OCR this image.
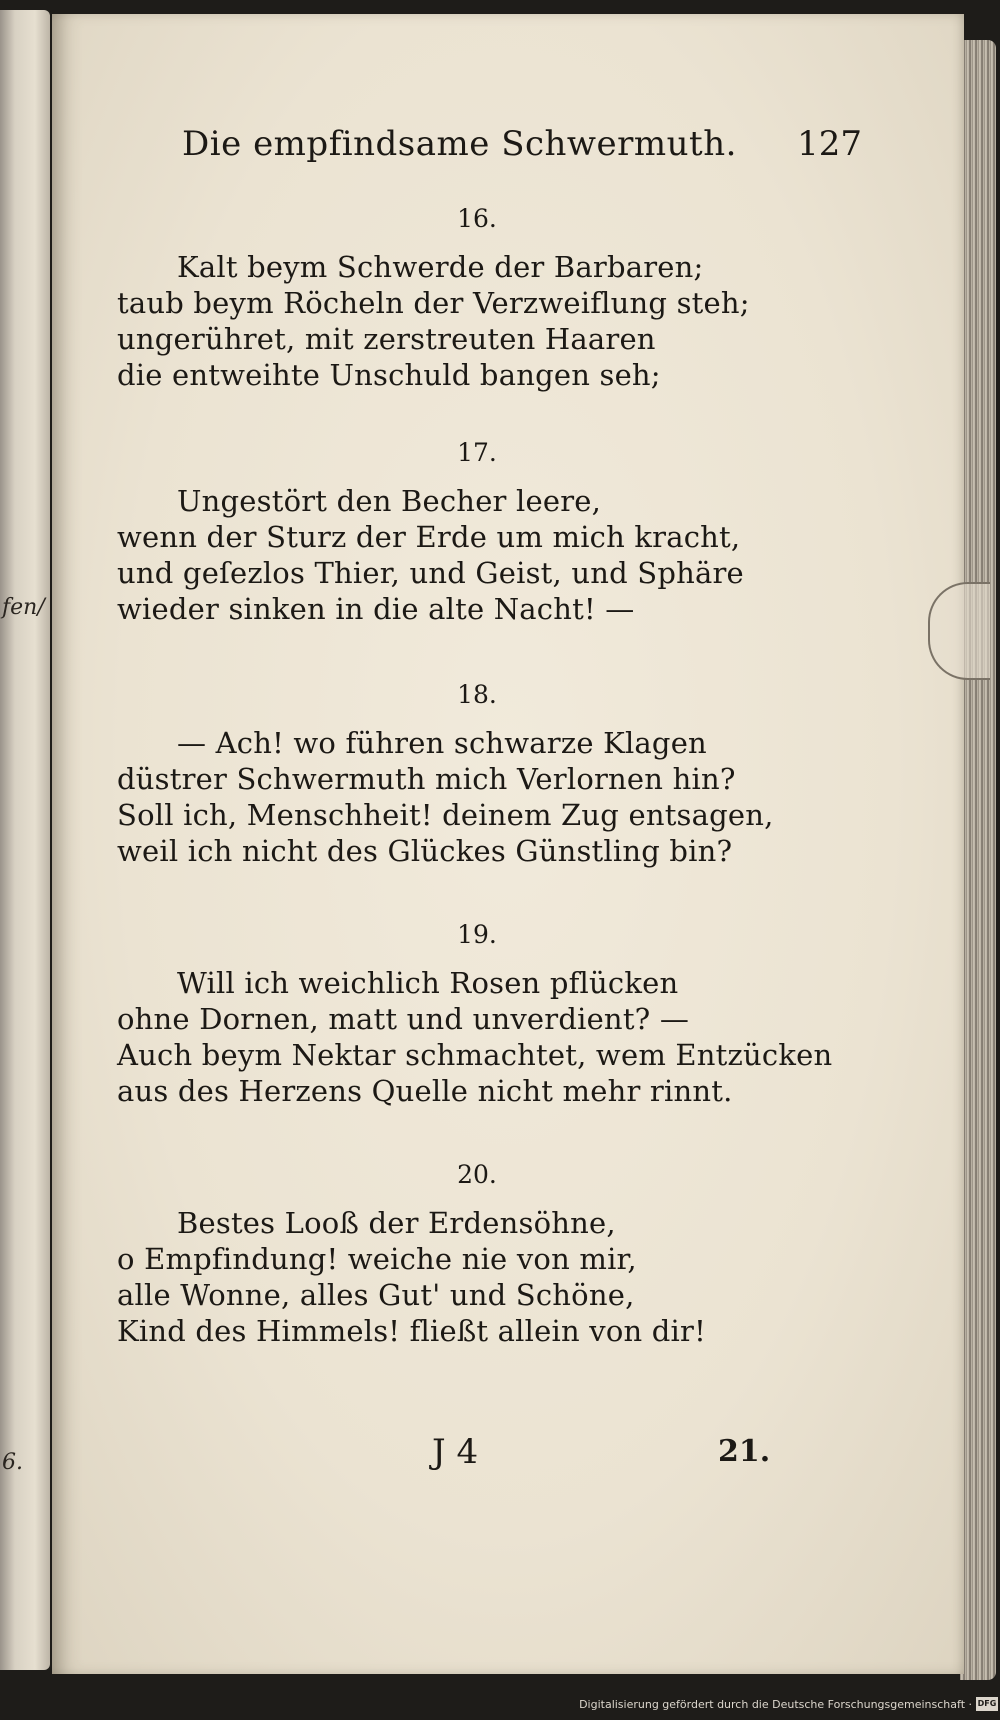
fen/
6.
Die empfindsame Schwermuth. 127
16.
Kalt beym Schwerde der Barbaren;
taub beym Röcheln der Verzweiflung steh;
ungerühret, mit zerstreuten Haaren
die entweihte Unschuld bangen seh;
17.
Ungestört den Becher leere,
wenn der Sturz der Erde um mich kracht,
und geſezlos Thier, und Geist, und Sphäre
wieder sinken in die alte Nacht! —
18.
— Ach! wo führen schwarze Klagen
düstrer Schwermuth mich Verlornen hin?
Soll ich, Menschheit! deinem Zug entsagen,
weil ich nicht des Glückes Günstling bin?
19.
Will ich weichlich Rosen pflücken
ohne Dornen, matt und unverdient? —
Auch beym Nektar schmachtet, wem Entzücken
aus des Herzens Quelle nicht mehr rinnt.
20.
Bestes Looß der Erdensöhne,
o Empfindung! weiche nie von mir,
alle Wonne, alles Gut' und Schöne,
Kind des Himmels! fließt allein von dir!
J 4	21.
Digitalisierung gefördert durch die Deutsche Forschungsgemeinschaft · DFG
